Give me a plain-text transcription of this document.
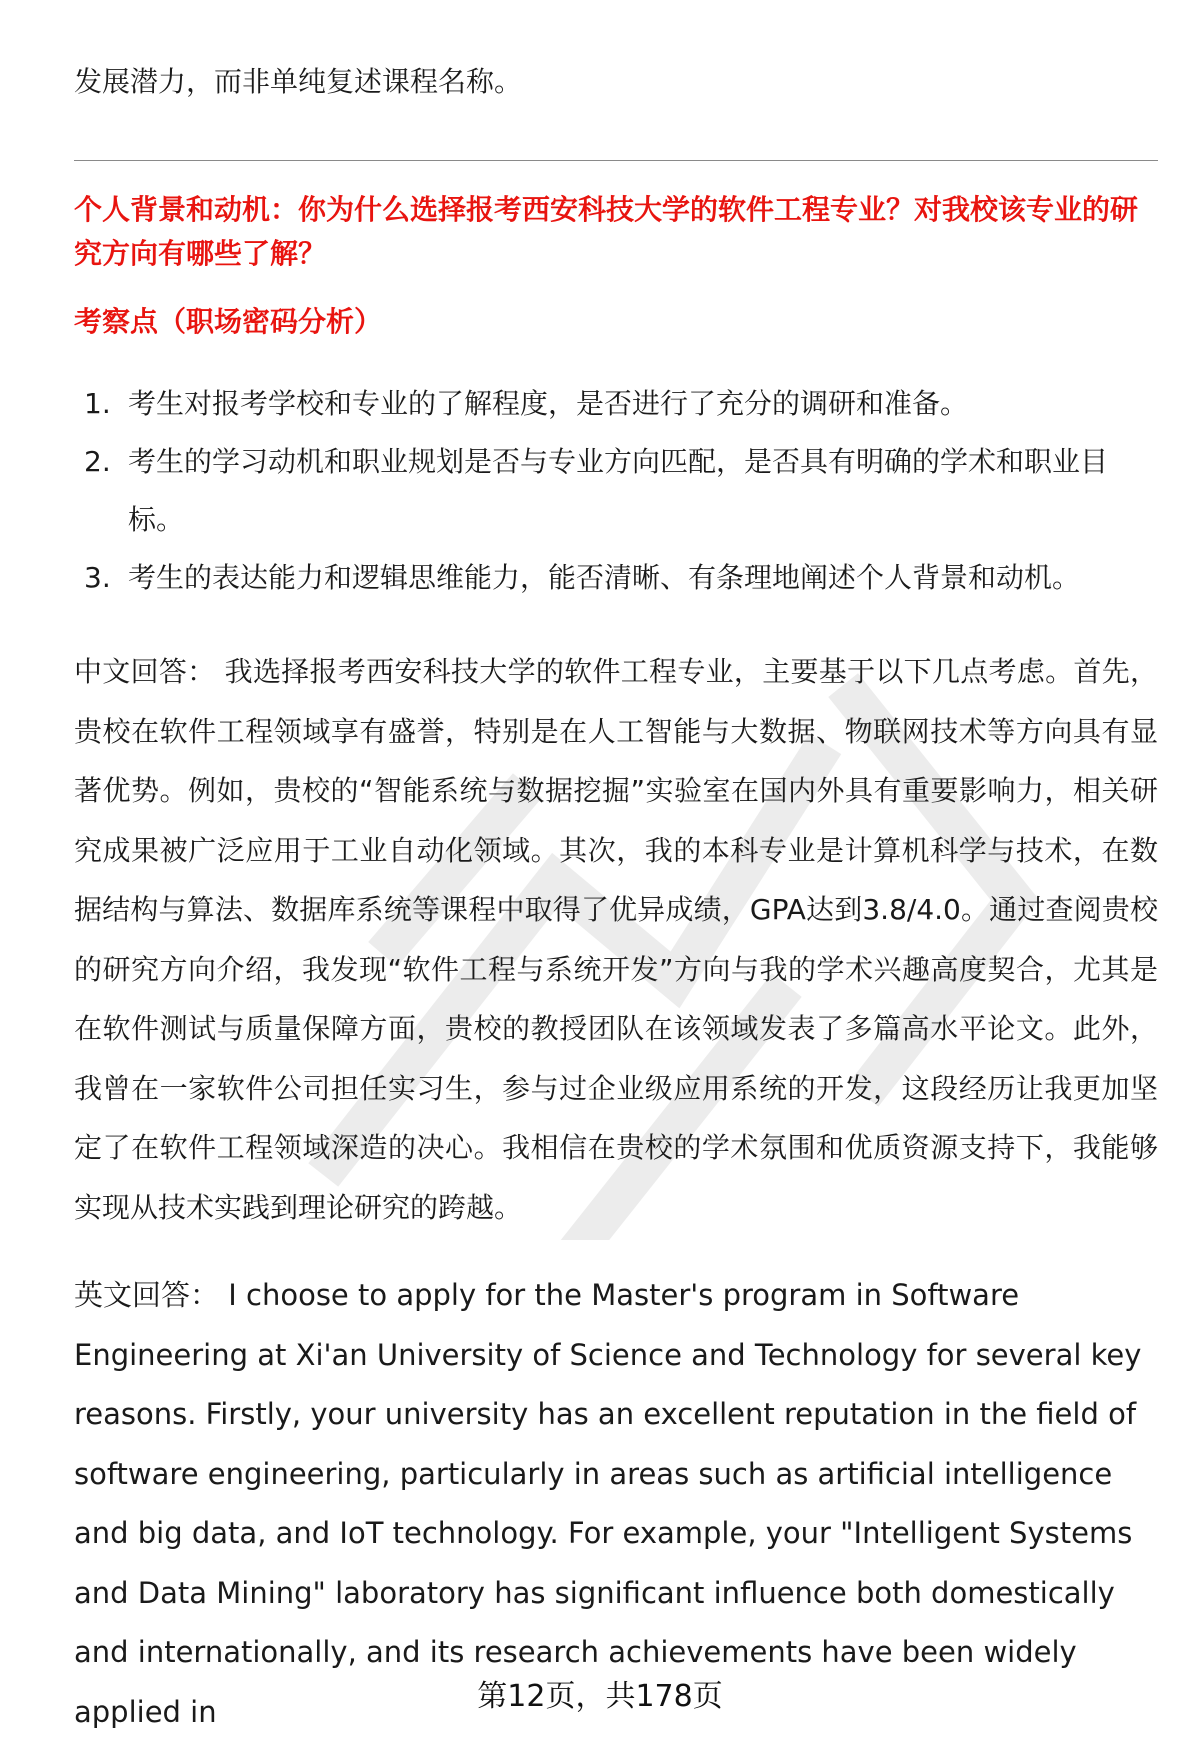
发展潜力，而非单纯复述课程名称。

个人背景和动机：你为什么选择报考西安科技大学的软件工程专业？对我校该专业的研究方向有哪些了解？

考察点（职场密码分析）

1. 考生对报考学校和专业的了解程度，是否进行了充分的调研和准备。
2. 考生的学习动机和职业规划是否与专业方向匹配，是否具有明确的学术和职业目标。
3. 考生的表达能力和逻辑思维能力，能否清晰、有条理地阐述个人背景和动机。

中文回答： 我选择报考西安科技大学的软件工程专业，主要基于以下几点考虑。首先，贵校在软件工程领域享有盛誉，特别是在人工智能与大数据、物联网技术等方向具有显著优势。例如，贵校的“智能系统与数据挖掘”实验室在国内外具有重要影响力，相关研究成果被广泛应用于工业自动化领域。其次，我的本科专业是计算机科学与技术，在数据结构与算法、数据库系统等课程中取得了优异成绩，GPA达到3.8/4.0。通过查阅贵校的研究方向介绍，我发现“软件工程与系统开发”方向与我的学术兴趣高度契合，尤其是在软件测试与质量保障方面，贵校的教授团队在该领域发表了多篇高水平论文。此外，我曾在一家软件公司担任实习生，参与过企业级应用系统的开发，这段经历让我更加坚定了在软件工程领域深造的决心。我相信在贵校的学术氛围和优质资源支持下，我能够实现从技术实践到理论研究的跨越。

英文回答： I choose to apply for the Master's program in Software Engineering at Xi'an University of Science and Technology for several key reasons. Firstly, your university has an excellent reputation in the field of software engineering, particularly in areas such as artificial intelligence and big data, and IoT technology. For example, your "Intelligent Systems and Data Mining" laboratory has significant influence both domestically and internationally, and its research achievements have been widely applied in	第12页，共178页
